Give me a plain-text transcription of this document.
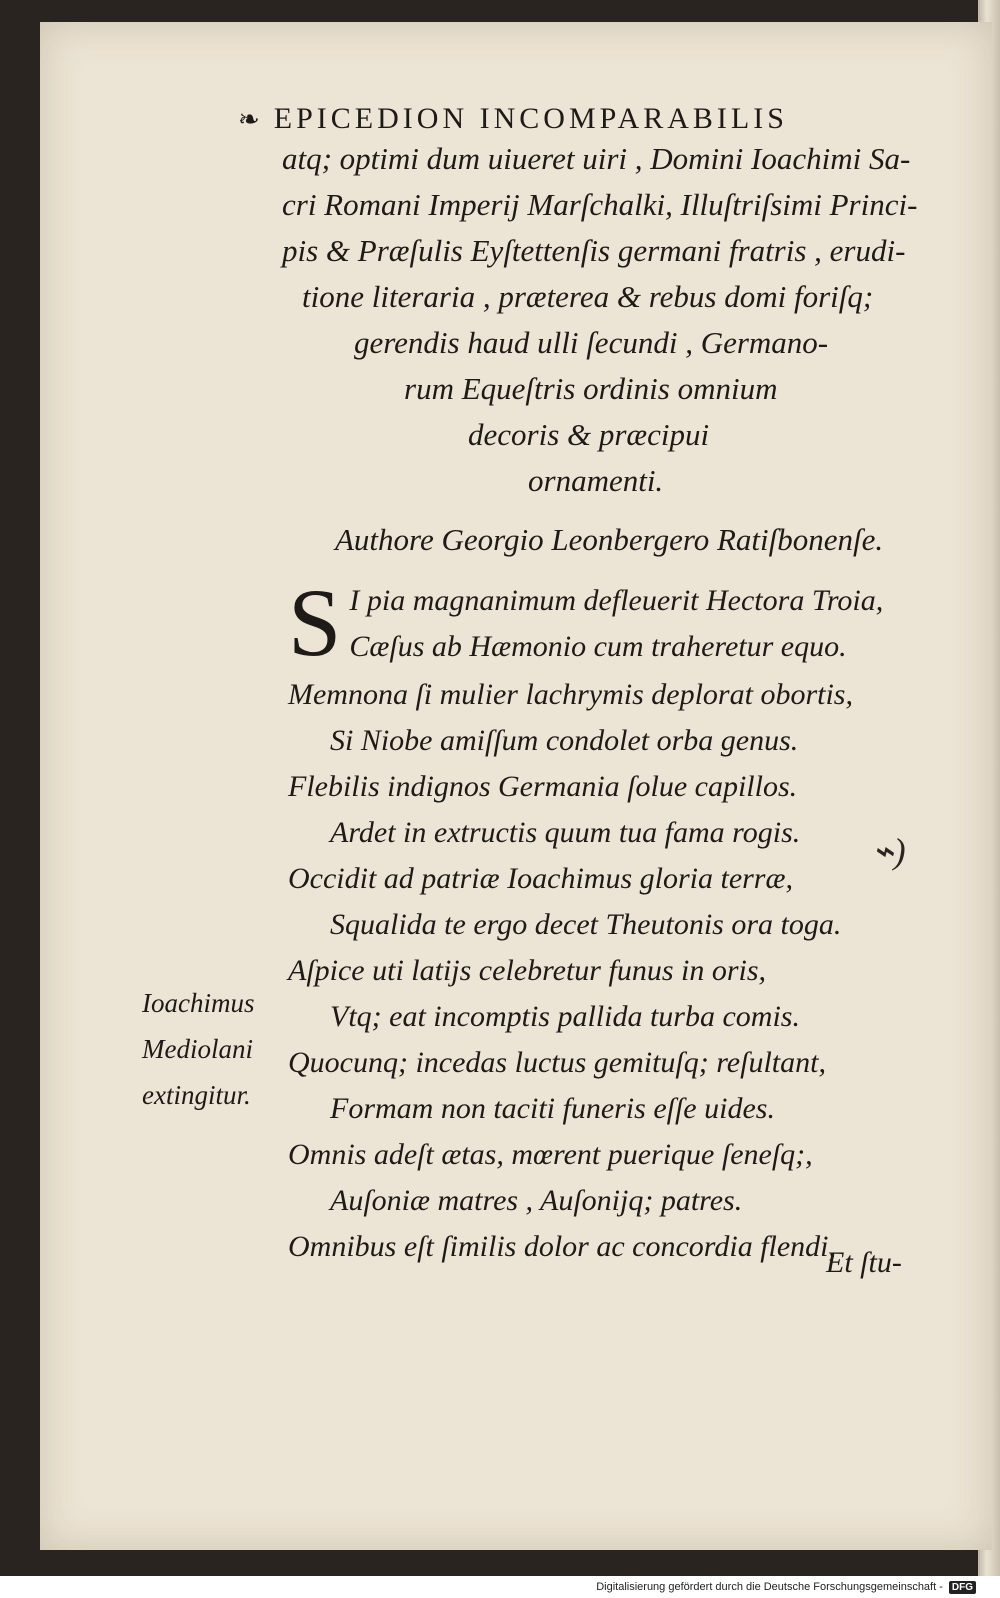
❧ EPICEDION INCOMPARABILIS
atq; optimi dum uiueret uiri , Domini Ioachimi Sa-
cri Romani Imperij Marſchalki, Illuſtriſsimi Princi-
pis & Præſulis Eyſtettenſis germani fratris , erudi-
tione literaria , præterea & rebus domi foriſq;
gerendis haud ulli ſecundi , Germano-
rum Equeſtris ordinis omnium
decoris & præcipui
ornamenti.
Authore Georgio Leonbergero Ratiſbonenſe.
S I pia magnanimum defleuerit Hectora Troia,
Cæſus ab Hæmonio cum traheretur equo.
Memnona ſi mulier lachrymis deplorat obortis,
Si Niobe amiſſum condolet orba genus.
Flebilis indignos Germania ſolue capillos.
Ardet in extructis quum tua fama rogis.
Occidit ad patriæ Ioachimus gloria terræ,
Squalida te ergo decet Theutonis ora toga.
Aſpice uti latijs celebretur funus in oris,
Vtq; eat incomptis pallida turba comis.
Quocunq; incedas luctus gemituſq; reſultant,
Formam non taciti funeris eſſe uides.
Omnis adeſt ætas, mœrent puerique ſeneſq;,
Auſoniæ matres , Auſonijq; patres.
Omnibus eſt ſimilis dolor ac concordia flendi,
Ioachimus
Mediolani
extingitur.
⌁)
Et ſtu-
Digitalisierung gefördert durch die Deutsche Forschungsgemeinschaft - DFG
